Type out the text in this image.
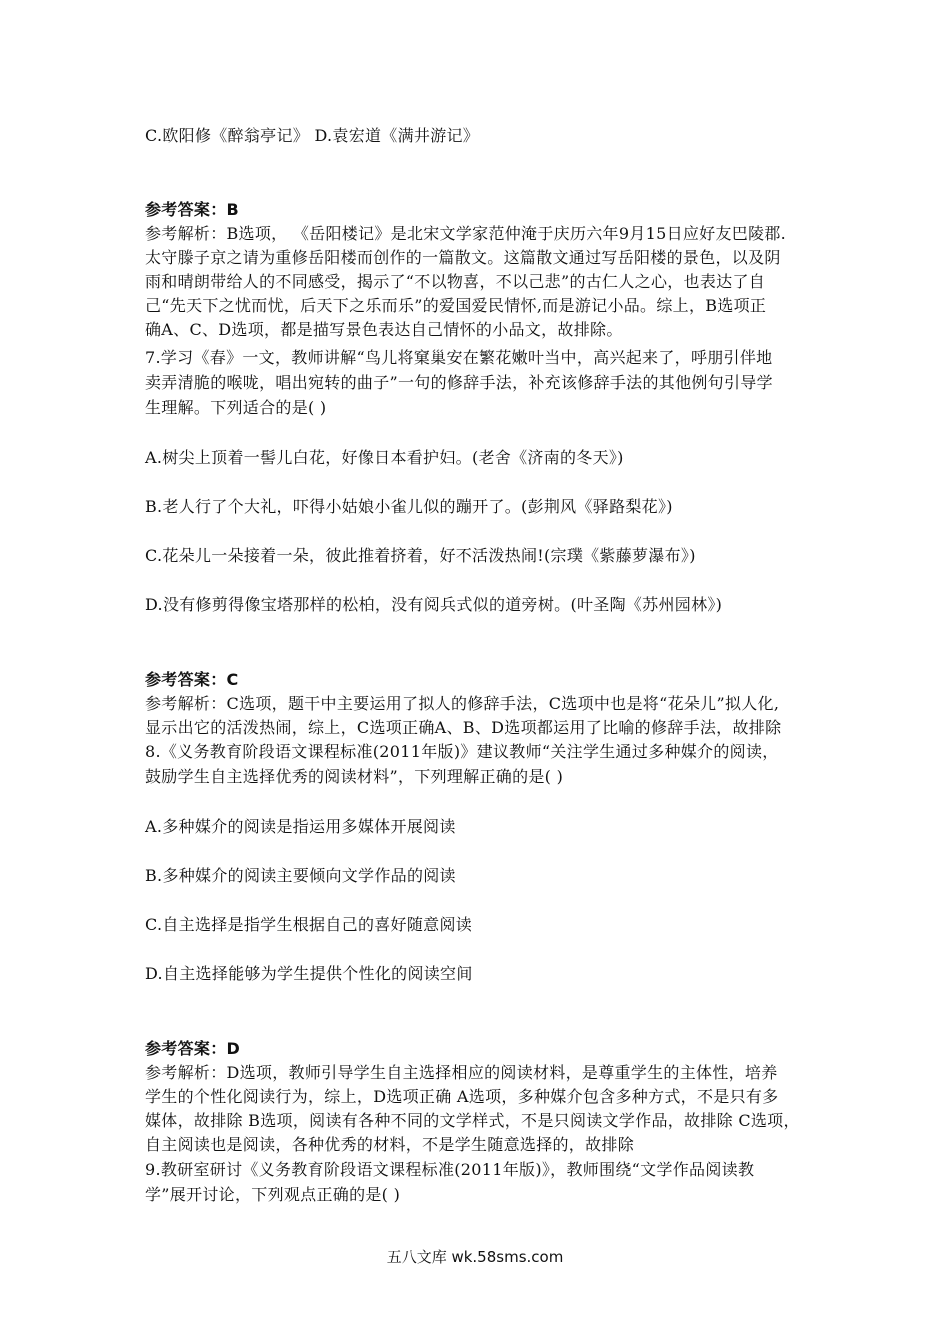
C.欧阳修《醉翁亭记》 D.袁宏道《满井游记》
参考答案：B
参考解析：B选项， 《岳阳楼记》是北宋文学家范仲淹于庆历六年9月15日应好友巴陵郡.
太守滕子京之请为重修岳阳楼而创作的一篇散文。这篇散文通过写岳阳楼的景色，以及阴
雨和晴朗带给人的不同感受，揭示了“不以物喜，不以己悲”的古仁人之心，也表达了自
己“先天下之忧而忧，后天下之乐而乐”的爱国爱民情怀,而是游记小品。综上，B选项正
确A、C、D选项，都是描写景色表达自己情怀的小品文，故排除。
7.学习《春》一文，教师讲解“鸟儿将窠巢安在繁花嫩叶当中，高兴起来了，呼朋引伴地
卖弄清脆的喉咙，唱出宛转的曲子”一句的修辞手法，补充该修辞手法的其他例句引导学
生理解。下列适合的是( )
A.树尖上顶着一髻儿白花，好像日本看护妇。(老舍《济南的冬天》)
B.老人行了个大礼，吓得小姑娘小雀儿似的蹦开了。(彭荆风《驿路梨花》)
C.花朵儿一朵接着一朵，彼此推着挤着，好不活泼热闹!(宗璞《紫藤萝瀑布》)
D.没有修剪得像宝塔那样的松柏，没有阅兵式似的道旁树。(叶圣陶《苏州园林》)
参考答案：C
参考解析：C选项，题干中主要运用了拟人的修辞手法，C选项中也是将“花朵儿”拟人化,
显示出它的活泼热闹，综上，C选项正确A、B、D选项都运用了比喻的修辞手法，故排除
8.《义务教育阶段语文课程标准(2011年版)》建议教师“关注学生通过多种媒介的阅读，
鼓励学生自主选择优秀的阅读材料”，下列理解正确的是( )
A.多种媒介的阅读是指运用多媒体开展阅读
B.多种媒介的阅读主要倾向文学作品的阅读
C.自主选择是指学生根据自己的喜好随意阅读
D.自主选择能够为学生提供个性化的阅读空间
参考答案：D
参考解析：D选项，教师引导学生自主选择相应的阅读材料，是尊重学生的主体性，培养
学生的个性化阅读行为，综上，D选项正确 A选项，多种媒介包含多种方式，不是只有多
媒体，故排除 B选项，阅读有各种不同的文学样式，不是只阅读文学作品，故排除 C选项，
自主阅读也是阅读，各种优秀的材料，不是学生随意选择的，故排除
9.教研室研讨《义务教育阶段语文课程标准(2011年版)》，教师围绕“文学作品阅读教
学”展开讨论，下列观点正确的是( )
五八文库 wk.58sms.com
